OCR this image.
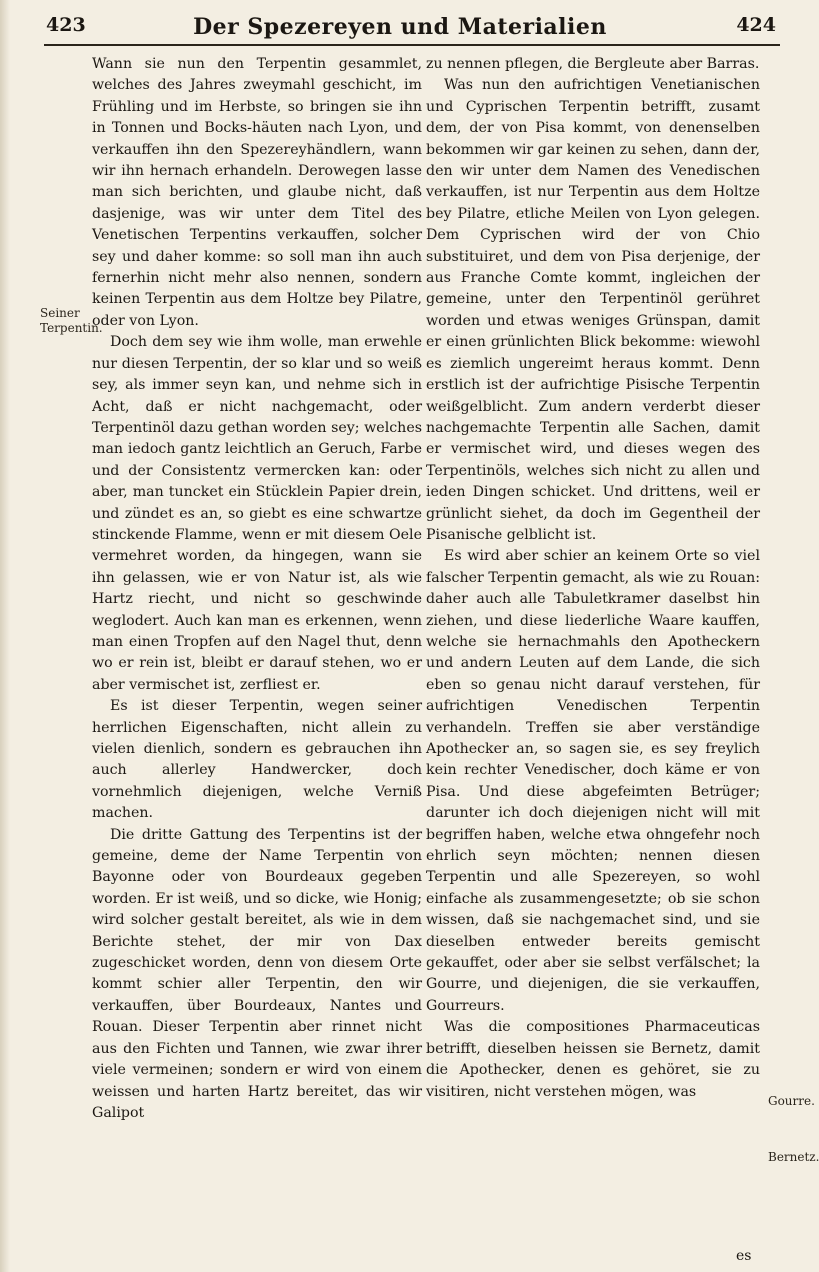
423	Der Spezereyen und Materialien	424
Seiner Terpentin.

Wann sie nun den Terpentin gesammlet, welches des Jahres zweymahl geschicht, im Frühling und im Herbste, so bringen sie ihn in Tonnen und Bocks-häuten nach Lyon, und verkauffen ihn den Spezereyhändlern, wann wir ihn hernach erhandeln. Derowegen lasse man sich berichten, und glaube nicht, daß dasjenige, was wir unter dem Titel des Venetischen Terpentins verkauffen, solcher sey und daher komme: so soll man ihn auch fernerhin nicht mehr also nennen, sondern keinen Terpentin aus dem Holtze bey Pilatre, oder von Lyon.

Doch dem sey wie ihm wolle, man erwehle nur diesen Terpentin, der so klar und so weiß sey, als immer seyn kan, und nehme sich in Acht, daß er nicht nachgemacht, oder Terpentinöl dazu gethan worden sey; welches man iedoch gantz leichtlich an Geruch, Farbe und der Consistentz vermercken kan: oder aber, man tuncket ein Stücklein Papier drein, und zündet es an, so giebt es eine schwartze stinckende Flamme, wenn er mit diesem Oele vermehret worden, da hingegen, wann sie ihn gelassen, wie er von Natur ist, als wie Hartz riecht, und nicht so geschwinde weglodert. Auch kan man es erkennen, wenn man einen Tropfen auf den Nagel thut, denn wo er rein ist, bleibt er darauf stehen, wo er aber vermischet ist, zerfliest er.

Es ist dieser Terpentin, wegen seiner herrlichen Eigenschaften, nicht allein zu vielen dienlich, sondern es gebrauchen ihn auch allerley Handwercker, doch vornehmlich diejenigen, welche Verniß machen.

Die dritte Gattung des Terpentins ist der gemeine, deme der Name Terpentin von Bayonne oder von Bourdeaux gegeben worden. Er ist weiß, und so dicke, wie Honig; wird solcher gestalt bereitet, als wie in dem Berichte stehet, der mir von Dax zugeschicket worden, denn von diesem Orte kommt schier aller Terpentin, den wir verkauffen, über Bourdeaux, Nantes und Rouan. Dieser Terpentin aber rinnet nicht aus den Fichten und Tannen, wie zwar ihrer viele vermeinen; sondern er wird von einem weissen und harten Hartz bereitet, das wir Galipot

zu nennen pflegen, die Bergleute aber Barras.

Was nun den aufrichtigen Venetianischen und Cyprischen Terpentin betrifft, zusamt dem, der von Pisa kommt, von denenselben bekommen wir gar keinen zu sehen, dann der, den wir unter dem Namen des Venedischen verkauffen, ist nur Terpentin aus dem Holtze bey Pilatre, etliche Meilen von Lyon gelegen. Dem Cyprischen wird der von Chio substituiret, und dem von Pisa derjenige, der aus Franche Comte kommt, ingleichen der gemeine, unter den Terpentinöl gerühret worden und etwas weniges Grünspan, damit er einen grünlichten Blick bekomme: wiewohl es ziemlich ungereimt heraus kommt. Denn erstlich ist der aufrichtige Pisische Terpentin weißgelblicht. Zum andern verderbt dieser nachgemachte Terpentin alle Sachen, damit er vermischet wird, und dieses wegen des Terpentinöls, welches sich nicht zu allen und ieden Dingen schicket. Und drittens, weil er grünlicht siehet, da doch im Gegentheil der Pisanische gelblicht ist.

Es wird aber schier an keinem Orte so viel falscher Terpentin gemacht, als wie zu Rouan: daher auch alle Tabuletkramer daselbst hin ziehen, und diese liederliche Waare kauffen, welche sie hernachmahls den Apotheckern und andern Leuten auf dem Lande, die sich eben so genau nicht darauf verstehen, für aufrichtigen Venedischen Terpentin verhandeln. Treffen sie aber verständige Apothecker an, so sagen sie, es sey freylich kein rechter Venedischer, doch käme er von Pisa. Und diese abgefeimten Betrüger; darunter ich doch diejenigen nicht will mit begriffen haben, welche etwa ohngefehr noch ehrlich seyn möchten; nennen diesen Terpentin und alle Spezereyen, so wohl einfache als zusammengesetzte; ob sie schon wissen, daß sie nachgemachet sind, und sie dieselben entweder bereits gemischt gekauffet, oder aber sie selbst verfälschet; la Gourre, und diejenigen, die sie verkauffen, Gourreurs.

Was die compositiones Pharmaceuticas betrifft, dieselben heissen sie Bernetz, damit die Apothecker, denen es gehöret, sie zu visitiren, nicht verstehen mögen, was

Gourre.
Bernetz.
es
